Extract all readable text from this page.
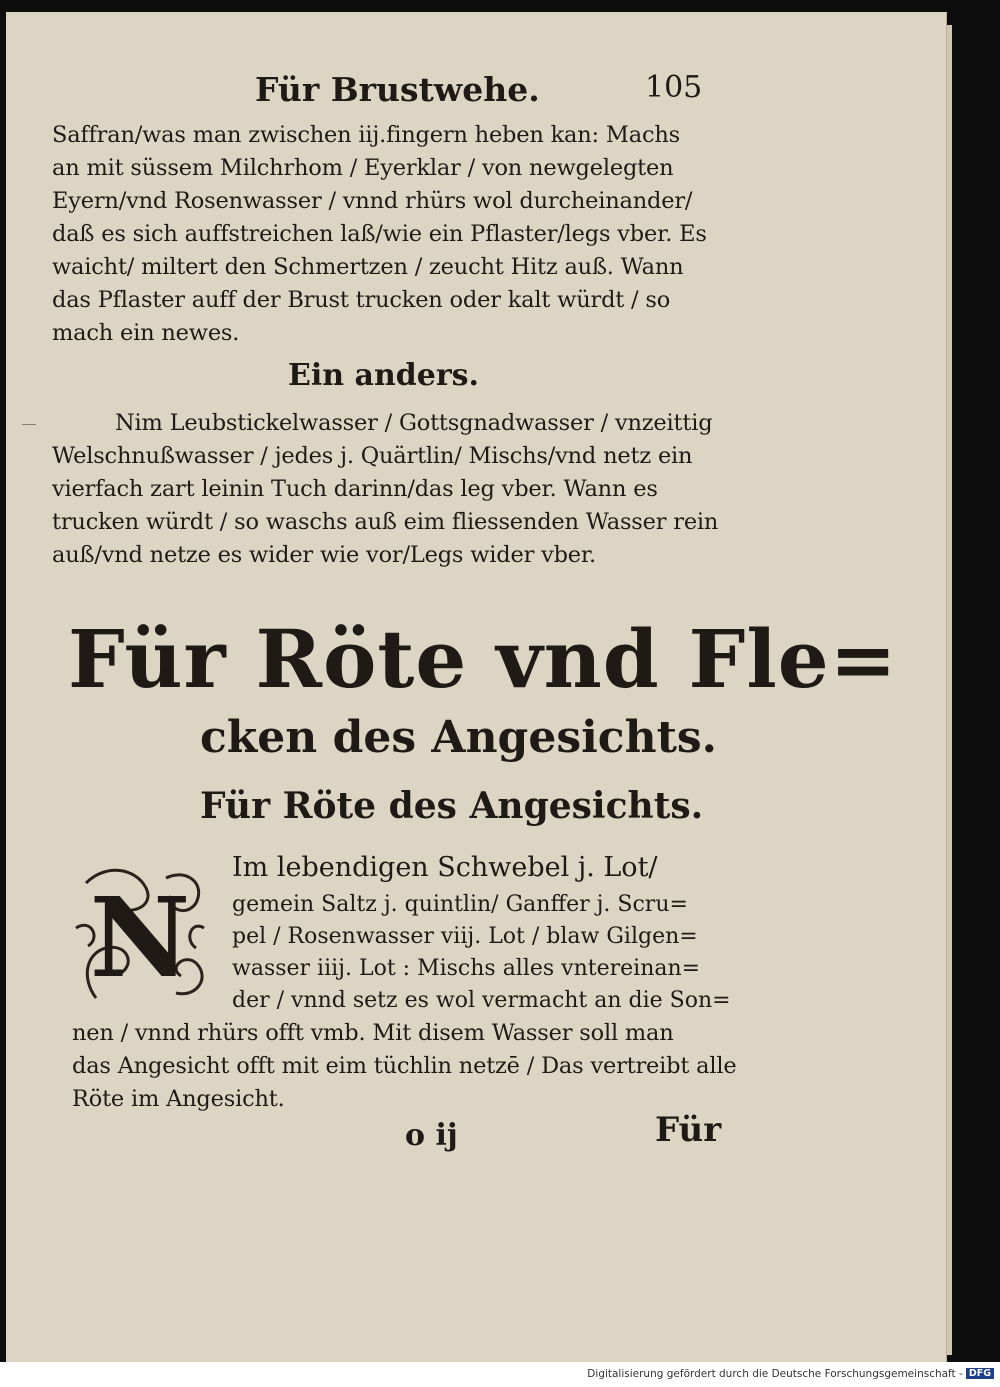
Für Brustwehe.	105
Saffran/was man zwischen iij.fingern heben kan: Machs
an mit süssem Milchrhom / Eyerklar / von newgelegten
Eyern/vnd Rosenwasser / vnnd rhürs wol durcheinander/
daß es sich auffstreichen laß/wie ein Pflaster/legs vber. Es
waicht/ miltert den Schmertzen / zeucht Hitz auß. Wann
das Pflaster auff der Brust trucken oder kalt würdt / so
mach ein newes.
Ein anders.
Nim Leubstickelwasser / Gottsgnadwasser / vnzeittig
Welschnußwasser / jedes j. Quärtlin/ Mischs/vnd netz ein
vierfach zart leinin Tuch darinn/das leg vber. Wann es
trucken würdt / so waschs auß eim fliessenden Wasser rein
auß/vnd netze es wider wie vor/Legs wider vber.
Für Röte vnd Fle=
cken des Angesichts.
Für Röte des Angesichts.
N
Im lebendigen Schwebel j. Lot/
gemein Saltz j. quintlin/ Ganffer j. Scru=
pel / Rosenwasser viij. Lot / blaw Gilgen=
wasser iiij. Lot : Mischs alles vntereinan=
der / vnnd setz es wol vermacht an die Son=
nen / vnnd rhürs offt vmb. Mit disem Wasser soll man
das Angesicht offt mit eim tüchlin netzē / Das vertreibt alle
Röte im Angesicht.
o ij	Für
Digitalisierung gefördert durch die Deutsche Forschungsgemeinschaft - DFG
